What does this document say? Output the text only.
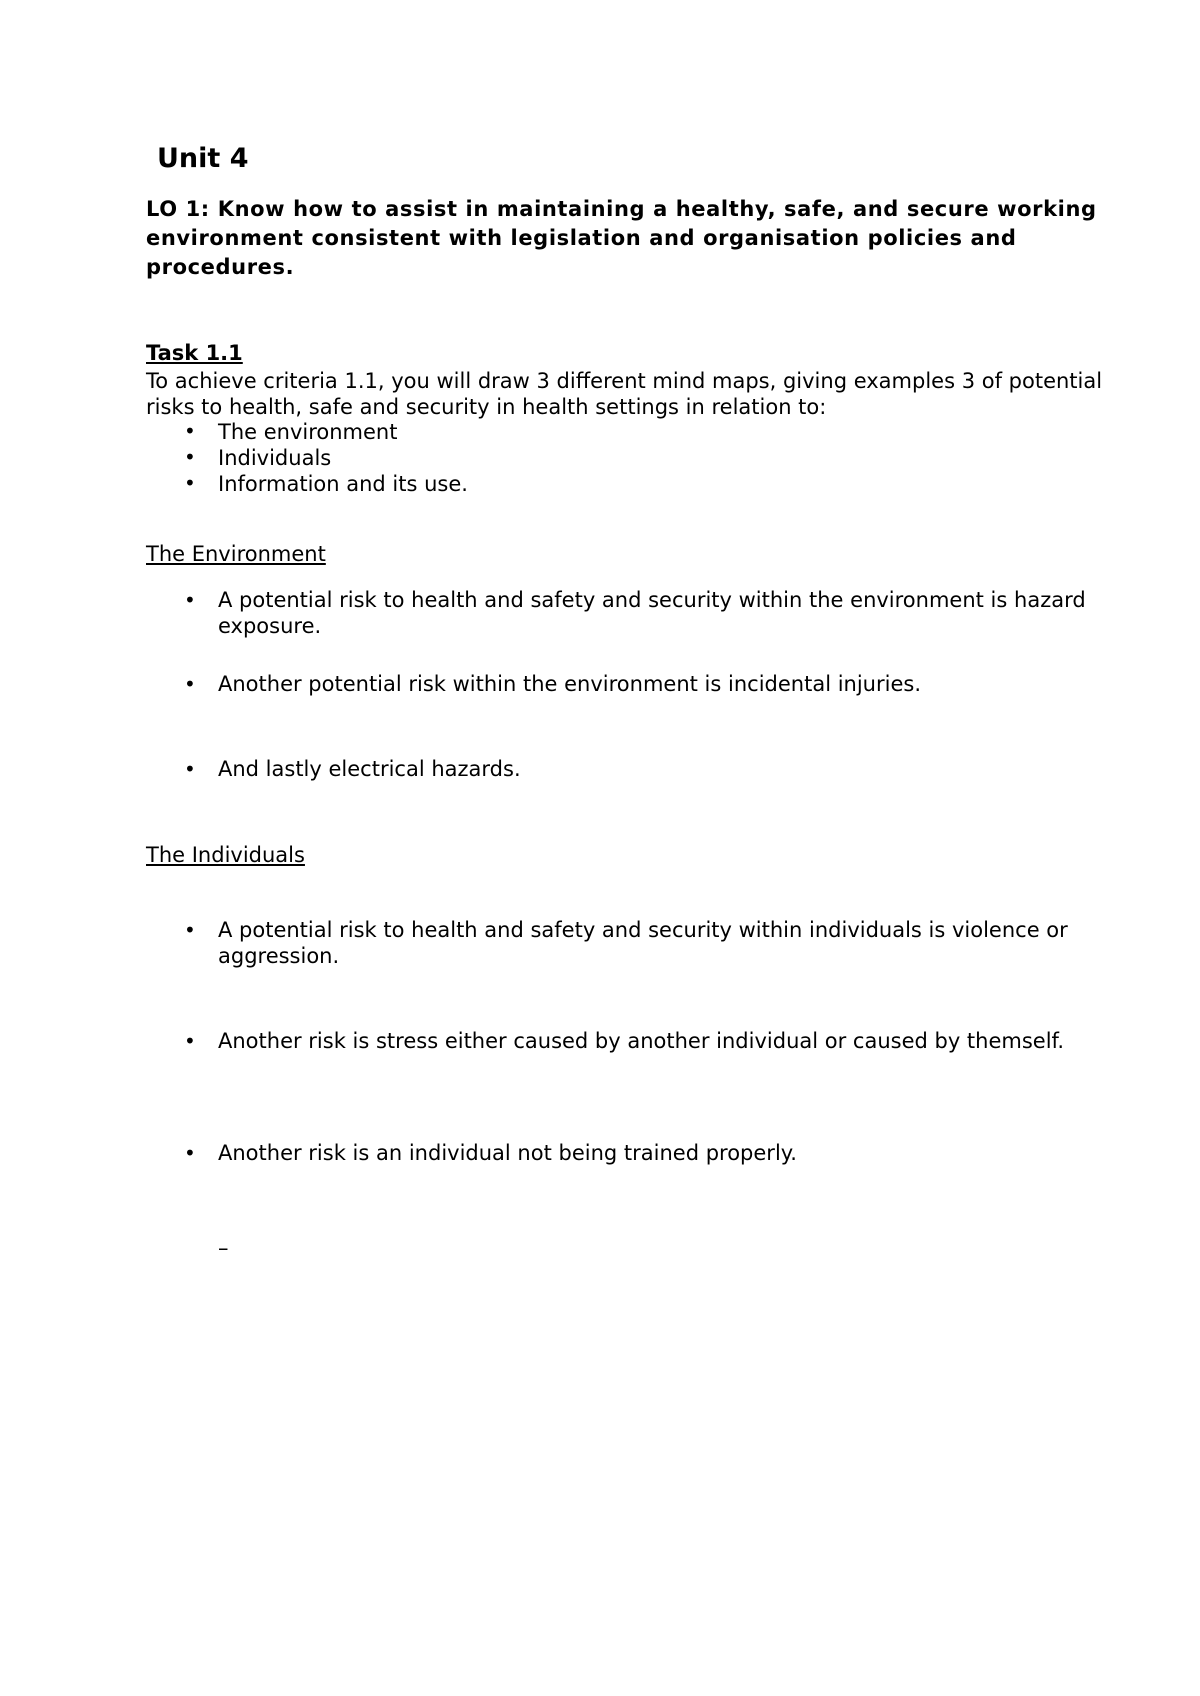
Unit 4
LO 1: Know how to assist in maintaining a healthy, safe, and secure working environment consistent with legislation and organisation policies and procedures.
Task 1.1
To achieve criteria 1.1, you will draw 3 different mind maps, giving examples 3 of potential risks to health, safe and security in health settings in relation to:
• The environment
• Individuals
• Information and its use.
The Environment
• A potential risk to health and safety and security within the environment is hazard exposure.
• Another potential risk within the environment is incidental injuries.
• And lastly electrical hazards.
The Individuals
• A potential risk to health and safety and security within individuals is violence or aggression.
• Another risk is stress either caused by another individual or caused by themself.
• Another risk is an individual not being trained properly.
–
